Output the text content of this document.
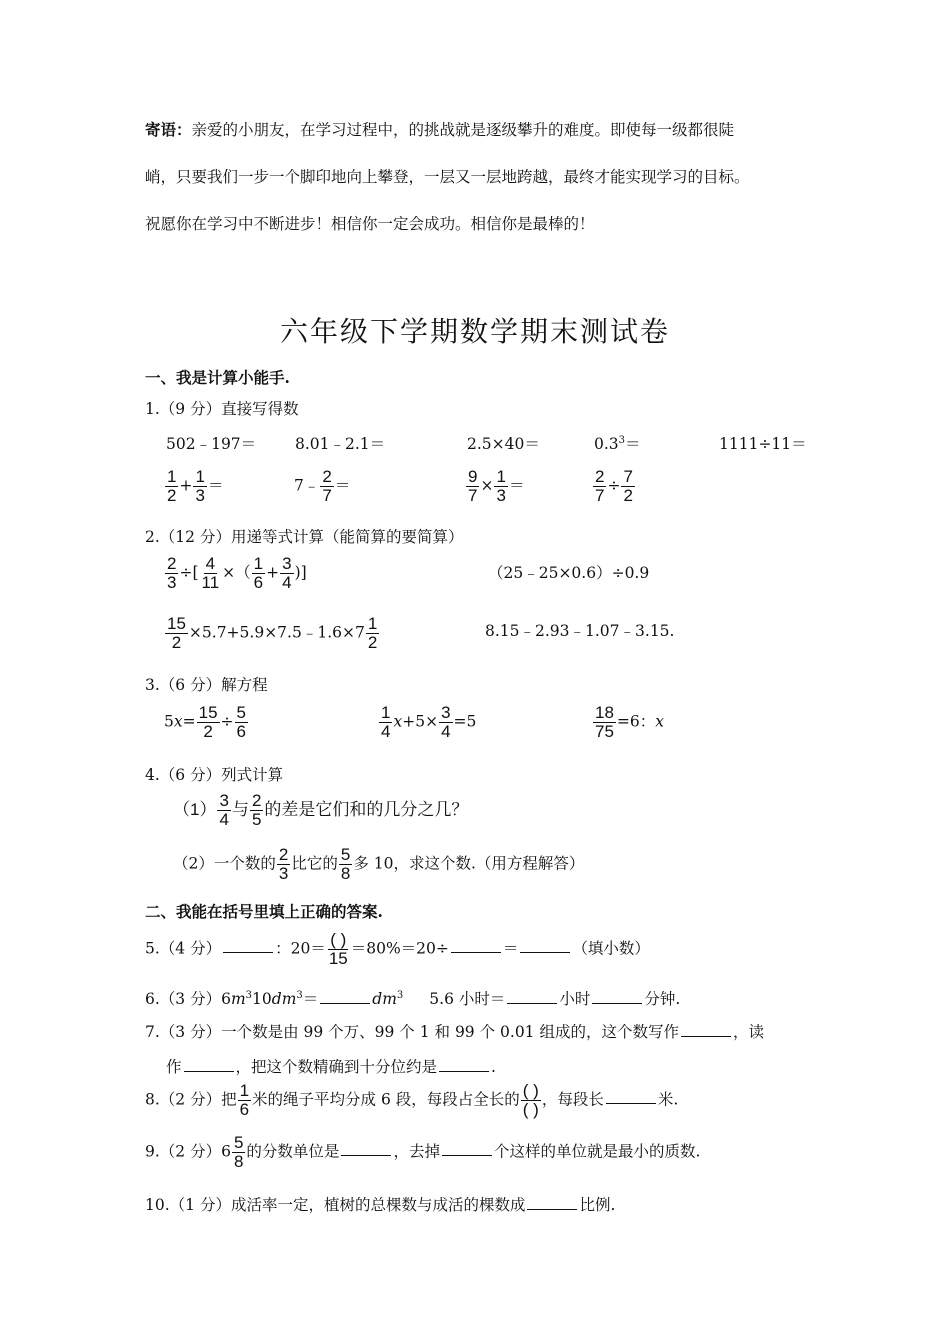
寄语：亲爱的小朋友，在学习过程中，的挑战就是逐级攀升的难度。即使每一级都很陡
峭，只要我们一步一个脚印地向上攀登，一层又一层地跨越，最终才能实现学习的目标。
祝愿你在学习中不断进步！相信你一定会成功。相信你是最棒的！
六年级下学期数学期末测试卷
一、我是计算小能手.
1.（9 分）直接写得数
502﹣197＝	8.01﹣2.1＝	2.5×40＝	$0.3^3=$	1111÷11＝
$\frac{1}{2} + \frac{1}{3}$ ＝	7﹣ $\frac{2}{7}$ ＝	$\frac{9}{7} \times \frac{1}{3}$ ＝	$\frac{2}{7} \div \frac{7}{2}$
2.（12 分）用递等式计算（能简算的要简算）
$\frac{2}{3}$ ÷[ $\frac{4}{11}$ ×（ $\frac{1}{6} + \frac{3}{4}$ )]	（25﹣25×0.6）÷0.9
$\frac{15}{2}$ ×5.7+5.9×7.5﹣1.6×7 $\frac{1}{2}$	8.15﹣2.93﹣1.07﹣3.15.
3.（6 分）解方程
$5x= \frac{15}{2} \div \frac{5}{6}$	$\frac{1}{4} x+5\times \frac{3}{4} =5$	$\frac{18}{75} =6$：x
4.（6 分）列式计算
$(1) \frac{3}{4}$ 与 $\frac{2}{5}$ 的差是它们和的几分之几？
（2）一个数的 $\frac{2}{3}$ 比它的 $\frac{5}{8}$ 多 10，求这个数.（用方程解答）
二、我能在括号里填上正确的答案.
5.（4 分）	：$20= \frac{( )}{15} =80\%=20\div$	＝	（填小数）
6.（3 分）$6m^310dm^3=$	$dm^3$ 5.6 小时＝	小时	分钟.
7.（3 分）一个数是由 99 个万、99 个 1 和 99 个 0.01 组成的，这个数写作	，读
作	，把这个数精确到十分位约是	.
8.（2 分）把 $\frac{1}{6}$ 米的绳子平均分成 6 段，每段占全长的 $\frac{( )}{( )}$ ，每段长	米.
9.（2 分）$6 \frac{5}{8}$ 的分数单位是	，去掉	个这样的单位就是最小的质数.
10.（1 分）成活率一定，植树的总棵数与成活的棵数成	比例.
